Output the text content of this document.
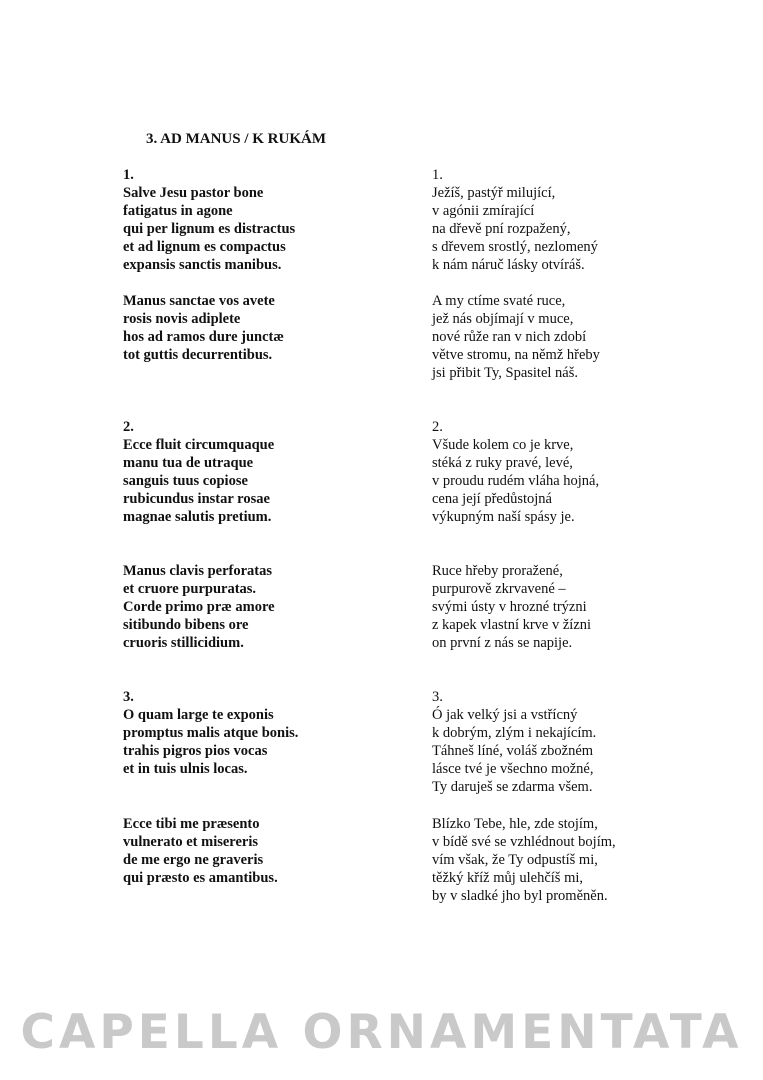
3. AD MANUS / K RUKÁM
1.
Salve Jesu pastor bone
fatigatus in agone
qui per lignum es distractus
et ad lignum es compactus
expansis sanctis manibus.
Manus sanctae vos avete
rosis novis adiplete
hos ad ramos dure junctæ
tot guttis decurrentibus.
2.
Ecce fluit circumquaque
manu tua de utraque
sanguis tuus copiose
rubicundus instar rosae
magnae salutis pretium.
Manus clavis perforatas
et cruore purpuratas.
Corde primo præ amore
sitibundo bibens ore
cruoris stillicidium.
3.
O quam large te exponis
promptus malis atque bonis.
trahis pigros pios vocas
et in tuis ulnis locas.
Ecce tibi me præsento
vulnerato et misereris
de me ergo ne graveris
qui præsto es amantibus.
1.
Ježíš, pastýř milující,
v agónii zmírající
na dřevě pní rozpažený,
s dřevem srostlý, nezlomený
k nám náruč lásky otvíráš.
A my ctíme svaté ruce,
jež nás objímají v muce,
nové růže ran v nich zdobí
větve stromu, na němž hřeby
jsi přibit Ty, Spasitel náš.
2.
Všude kolem co je krve,
stéká z ruky pravé, levé,
v proudu rudém vláha hojná,
cena její předůstojná
výkupným naší spásy je.
Ruce hřeby proražené,
purpurově zkrvavené –
svými ústy v hrozné trýzni
z kapek vlastní krve v žízni
on první z nás se napije.
3.
Ó jak velký jsi a vstřícný
k dobrým, zlým i nekajícím.
Táhneš líné, voláš zbožném
lásce tvé je všechno možné,
Ty daruješ se zdarma všem.
Blízko Tebe, hle, zde stojím,
v bídě své se vzhlédnout bojím,
vím však, že Ty odpustíš mi,
těžký kříž můj ulehčíš mi,
by v sladké jho byl proměněn.
CAPELLA ORNAMENTATA
